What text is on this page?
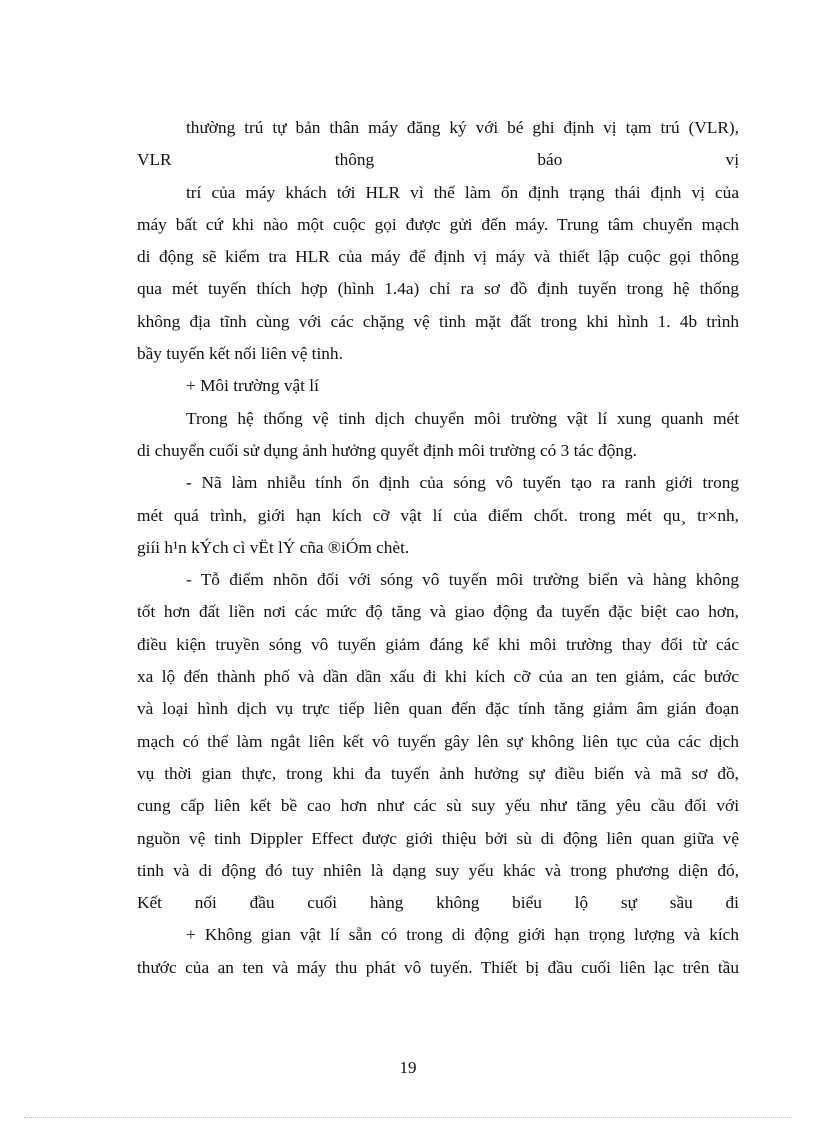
thường trú tự bản thân máy đăng ký với bé ghi định vị tạm trú (VLR),
VLR thông báo vị
trí của máy khách tới HLR vì thế làm ổn định trạng thái định vị của
máy bất cứ khi nào một cuộc gọi được gửi đến máy. Trung tâm chuyển mạch
di động sẽ kiểm tra HLR của máy để định vị máy và thiết lập cuộc gọi thông
qua mét tuyến thích hợp (hình 1.4a) chỉ ra sơ đồ định tuyến trong hệ thống
không địa tĩnh cùng với các chặng vệ tinh mặt đất trong khi hình 1. 4b trình
bầy tuyến kết nối liên vệ tinh.
+ Môi trường vật lí
Trong hệ thống vệ tinh dịch chuyển môi trường vật lí xung quanh mét
di chuyển cuối sử dụng ảnh hưởng quyết định môi trường có 3 tác động.
- Nã làm nhiễu tính ổn định của sóng vô tuyến tạo ra ranh giới trong
mét quá trình, giới hạn kích cỡ vật lí của điểm chốt. trong mét qu¸ tr×nh,
giíi h¹n kÝch cì vËt lÝ cña ®iÓm chèt.
- Tỗ điểm nhõn đối với sóng vô tuyến môi trường biển và hàng không
tốt hơn đất liền nơi các mức độ tăng và giao động đa tuyến đặc biệt cao hơn,
điều kiện truyền sóng vô tuyến giảm đáng kể khi môi trường thay đổi từ các
xa lộ đến thành phố và dần dần xấu đi khi kích cỡ của an ten giảm, các bước
và loại hình dịch vụ trực tiếp liên quan đến đặc tính tăng giảm âm gián đoạn
mạch có thể làm ngắt liên kết vô tuyến gây lên sự không liên tục của các dịch
vụ thời gian thực, trong khi đa tuyến ảnh hưởng sự điều biến và mã sơ đồ,
cung cấp liên kết bề cao hơn như các sù suy yếu như tăng yêu cầu đối với
nguồn vệ tinh Dippler Effect được giới thiệu bởi sù di động liên quan giữa vệ
tinh và di động đó tuy nhiên là dạng suy yếu khác và trong phương diện đó,
Kết nối đầu cuối hàng không biểu lộ sự sầu đi
+ Không gian vật lí sẵn có trong di động giới hạn trọng lượng và kích
thước của an ten và máy thu phát vô tuyến. Thiết bị đầu cuối liên lạc trên tầu
19
